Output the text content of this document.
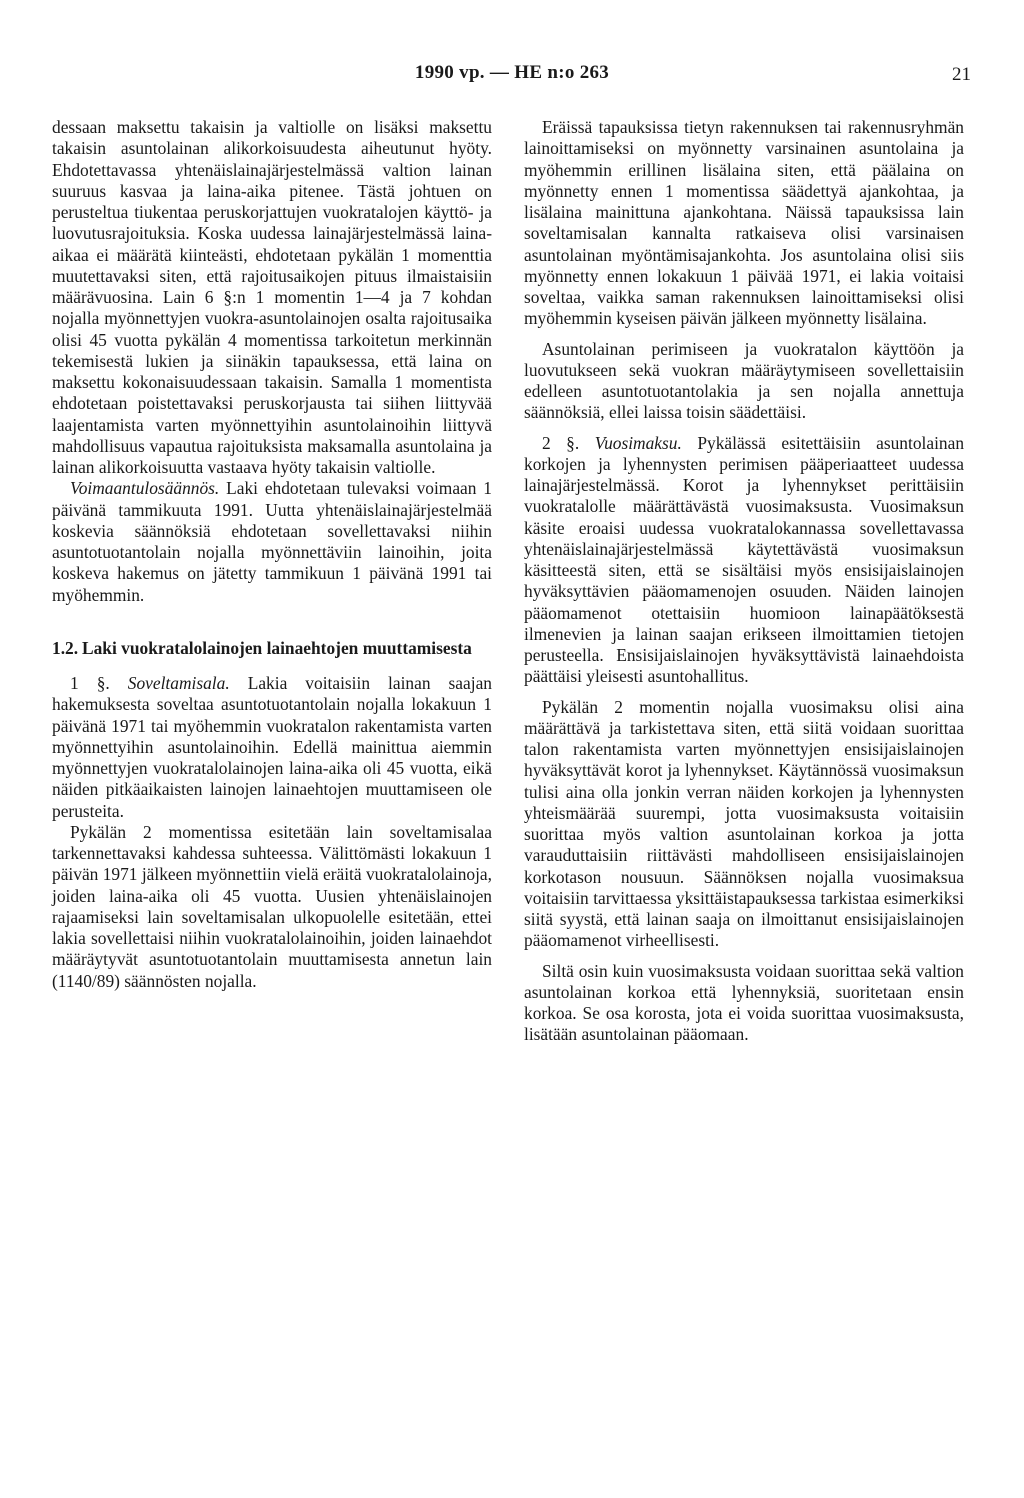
1990 vp. — HE n:o 263	21

dessaan maksettu takaisin ja valtiolle on lisäksi maksettu takaisin asuntolainan alikorkoisuudesta aiheutunut hyöty. Ehdotettavassa yhtenäislainajärjestelmässä valtion lainan suuruus kasvaa ja laina-aika pitenee. Tästä johtuen on perusteltua tiukentaa peruskorjattujen vuokratalojen käyttö- ja luovutusrajoituksia. Koska uudessa lainajärjestelmässä laina-aikaa ei määrätä kiinteästi, ehdotetaan pykälän 1 momenttia muutettavaksi siten, että rajoitusaikojen pituus ilmaistaisiin määrävuosina. Lain 6 §:n 1 momentin 1—4 ja 7 kohdan nojalla myönnettyjen vuokra-asuntolainojen osalta rajoitusaika olisi 45 vuotta pykälän 4 momentissa tarkoitetun merkinnän tekemisestä lukien ja siinäkin tapauksessa, että laina on maksettu kokonaisuudessaan takaisin. Samalla 1 momentista ehdotetaan poistettavaksi peruskorjausta tai siihen liittyvää laajentamista varten myönnettyihin asuntolainoihin liittyvä mahdollisuus vapautua rajoituksista maksamalla asuntolaina ja lainan alikorkoisuutta vastaava hyöty takaisin valtiolle.

Voimaantulosäännös. Laki ehdotetaan tulevaksi voimaan 1 päivänä tammikuuta 1991. Uutta yhtenäislainajärjestelmää koskevia säännöksiä ehdotetaan sovellettavaksi niihin asuntotuotantolain nojalla myönnettäviin lainoihin, joita koskeva hakemus on jätetty tammikuun 1 päivänä 1991 tai myöhemmin.

1.2. Laki vuokratalolainojen lainaehtojen muuttamisesta

1 §. Soveltamisala. Lakia voitaisiin lainan saajan hakemuksesta soveltaa asuntotuotantolain nojalla lokakuun 1 päivänä 1971 tai myöhemmin vuokratalon rakentamista varten myönnettyihin asuntolainoihin. Edellä mainittua aiemmin myönnettyjen vuokratalolainojen laina-aika oli 45 vuotta, eikä näiden pitkäaikaisten lainojen lainaehtojen muuttamiseen ole perusteita.

Pykälän 2 momentissa esitetään lain soveltamisalaa tarkennettavaksi kahdessa suhteessa. Välittömästi lokakuun 1 päivän 1971 jälkeen myönnettiin vielä eräitä vuokratalolainoja, joiden laina-aika oli 45 vuotta. Uusien yhtenäislainojen rajaamiseksi lain soveltamisalan ulkopuolelle esitetään, ettei lakia sovellettaisi niihin vuokratalolainoihin, joiden lainaehdot määräytyvät asuntotuotantolain muuttamisesta annetun lain (1140/89) säännösten nojalla.

Eräissä tapauksissa tietyn rakennuksen tai rakennusryhmän lainoittamiseksi on myönnetty varsinainen asuntolaina ja myöhemmin erillinen lisälaina siten, että päälaina on myönnetty ennen 1 momentissa säädettyä ajankohtaa, ja lisälaina mainittuna ajankohtana. Näissä tapauksissa lain soveltamisalan kannalta ratkaiseva olisi varsinaisen asuntolainan myöntämisajankohta. Jos asuntolaina olisi siis myönnetty ennen lokakuun 1 päivää 1971, ei lakia voitaisi soveltaa, vaikka saman rakennuksen lainoittamiseksi olisi myöhemmin kyseisen päivän jälkeen myönnetty lisälaina.

Asuntolainan perimiseen ja vuokratalon käyttöön ja luovutukseen sekä vuokran määräytymiseen sovellettaisiin edelleen asuntotuotantolakia ja sen nojalla annettuja säännöksiä, ellei laissa toisin säädettäisi.

2 §. Vuosimaksu. Pykälässä esitettäisiin asuntolainan korkojen ja lyhennysten perimisen pääperiaatteet uudessa lainajärjestelmässä. Korot ja lyhennykset perittäisiin vuokratalolle määrättävästä vuosimaksusta. Vuosimaksun käsite eroaisi uudessa vuokratalokannassa sovellettavassa yhtenäislainajärjestelmässä käytettävästä vuosimaksun käsitteestä siten, että se sisältäisi myös ensisijaislainojen hyväksyttävien pääomamenojen osuuden. Näiden lainojen pääomamenot otettaisiin huomioon lainapäätöksestä ilmenevien ja lainan saajan erikseen ilmoittamien tietojen perusteella. Ensisijaislainojen hyväksyttävistä lainaehdoista päättäisi yleisesti asuntohallitus.

Pykälän 2 momentin nojalla vuosimaksu olisi aina määrättävä ja tarkistettava siten, että siitä voidaan suorittaa talon rakentamista varten myönnettyjen ensisijaislainojen hyväksyttävät korot ja lyhennykset. Käytännössä vuosimaksun tulisi aina olla jonkin verran näiden korkojen ja lyhennysten yhteismäärää suurempi, jotta vuosimaksusta voitaisiin suorittaa myös valtion asuntolainan korkoa ja jotta varauduttaisiin riittävästi mahdolliseen ensisijaislainojen korkotason nousuun. Säännöksen nojalla vuosimaksua voitaisiin tarvittaessa yksittäistapauksessa tarkistaa esimerkiksi siitä syystä, että lainan saaja on ilmoittanut ensisijaislainojen pääomamenot virheellisesti.

Siltä osin kuin vuosimaksusta voidaan suorittaa sekä valtion asuntolainan korkoa että lyhennyksiä, suoritetaan ensin korkoa. Se osa korosta, jota ei voida suorittaa vuosimaksusta, lisätään asuntolainan pääomaan.
